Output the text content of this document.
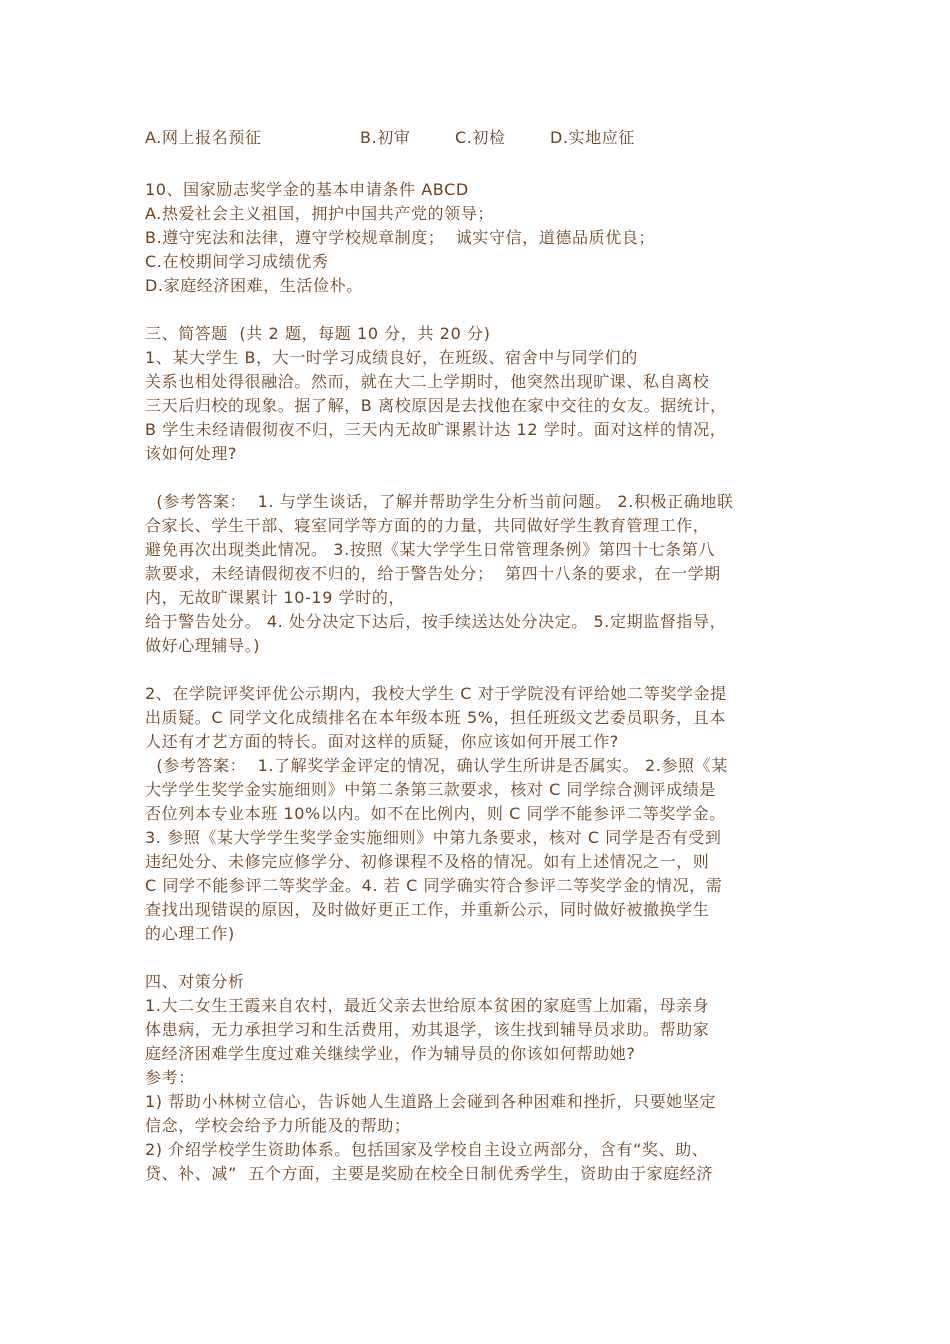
A.网上报名预征	B.初审	C.初检	D.实地应征
10、国家励志奖学金的基本申请条件 ABCD
A.热爱社会主义祖国，拥护中国共产党的领导；
B.遵守宪法和法律，遵守学校规章制度；  诚实守信，道德品质优良；
C.在校期间学习成绩优秀
D.家庭经济困难，生活俭朴。
三、简答题  (共 2 题，每题 10 分，共 20 分)
1、某大学生 B，大一时学习成绩良好，在班级、宿舍中与同学们的
关系也相处得很融洽。然而，就在大二上学期时，他突然出现旷课、私自离校
三天后归校的现象。据了解，B 离校原因是去找他在家中交往的女友。据统计，
B 学生未经请假彻夜不归，三天内无故旷课累计达 12 学时。面对这样的情况，
该如何处理?
(参考答案：  1. 与学生谈话，了解并帮助学生分析当前问题。 2.积极正确地联
合家长、学生干部、寝室同学等方面的的力量，共同做好学生教育管理工作，
避免再次出现类此情况。 3.按照《某大学学生日常管理条例》第四十七条第八
款要求，未经请假彻夜不归的，给于警告处分；  第四十八条的要求，在一学期
内，无故旷课累计 10-19 学时的，
给于警告处分。 4. 处分决定下达后，按手续送达处分决定。 5.定期监督指导，
做好心理辅导。)
2、在学院评奖评优公示期内，我校大学生 C 对于学院没有评给她二等奖学金提
出质疑。C 同学文化成绩排名在本年级本班 5%，担任班级文艺委员职务，且本
人还有才艺方面的特长。面对这样的质疑，你应该如何开展工作?
(参考答案：  1.了解奖学金评定的情况，确认学生所讲是否属实。 2.参照《某
大学学生奖学金实施细则》中第二条第三款要求，核对 C 同学综合测评成绩是
否位列本专业本班 10%以内。如不在比例内，则 C 同学不能参评二等奖学金。
3. 参照《某大学学生奖学金实施细则》中第九条要求，核对 C 同学是否有受到
违纪处分、未修完应修学分、初修课程不及格的情况。如有上述情况之一，则
C 同学不能参评二等奖学金。4. 若 C 同学确实符合参评二等奖学金的情况，需
查找出现错误的原因，及时做好更正工作，并重新公示，同时做好被撤换学生
的心理工作)
四、对策分析
1.大二女生王霞来自农村，最近父亲去世给原本贫困的家庭雪上加霜，母亲身
体患病，无力承担学习和生活费用，劝其退学，该生找到辅导员求助。帮助家
庭经济困难学生度过难关继续学业，作为辅导员的你该如何帮助她?
参考：
1) 帮助小林树立信心，告诉她人生道路上会碰到各种困难和挫折，只要她坚定
信念，学校会给予力所能及的帮助；
2) 介绍学校学生资助体系。包括国家及学校自主设立两部分，含有“奖、助、
贷、补、减”  五个方面，主要是奖励在校全日制优秀学生，资助由于家庭经济
